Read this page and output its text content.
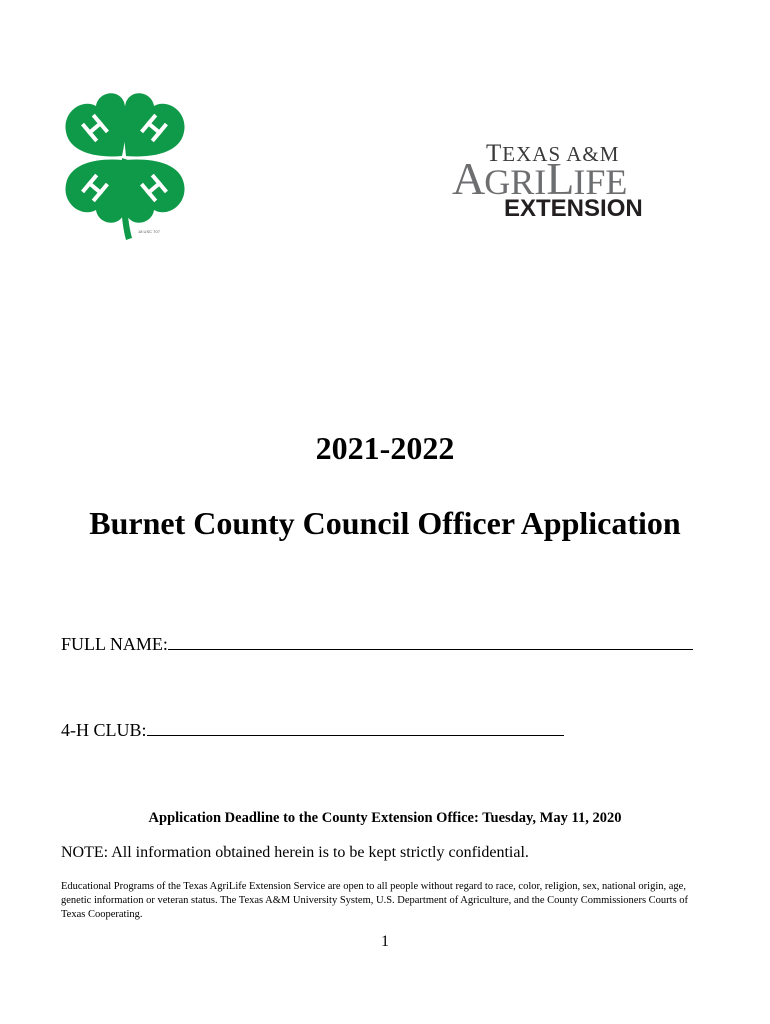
18 USC 707
TEXAS A&M
AGRILIFE
EXTENSION
2021-2022
Burnet County Council Officer Application
FULL NAME:
4-H CLUB:
Application Deadline to the County Extension Office: Tuesday, May 11, 2020
NOTE: All information obtained herein is to be kept strictly confidential.
Educational Programs of the Texas AgriLife Extension Service are open to all people without regard to race, color, religion, sex, national origin, age, genetic information or veteran status. The Texas A&M University System, U.S. Department of Agriculture, and the County Commissioners Courts of Texas Cooperating.
1
